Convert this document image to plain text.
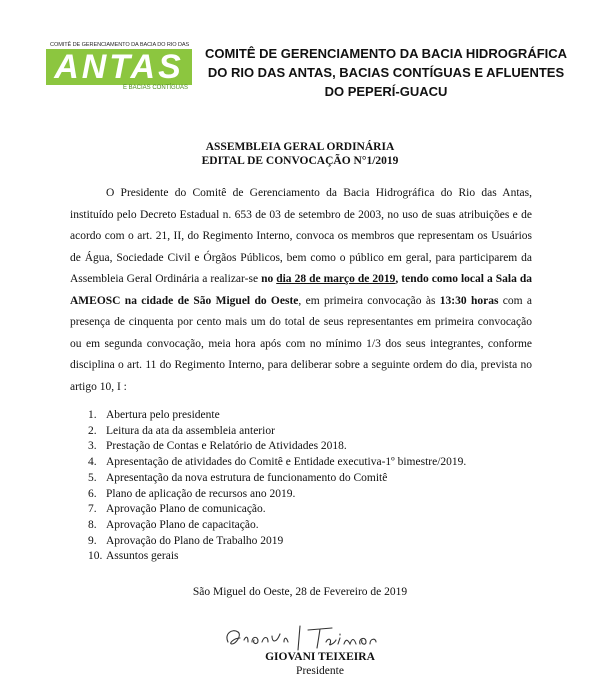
COMITÊ DE GERENCIAMENTO DA BACIA DO RIO DAS
ANTAS
E BACIAS CONTÍGUAS
COMITÊ DE GERENCIAMENTO DA BACIA HIDROGRÁFICA
DO RIO DAS ANTAS, BACIAS CONTÍGUAS E AFLUENTES
DO PEPERÍ-GUACU
ASSEMBLEIA GERAL ORDINÁRIA
EDITAL DE CONVOCAÇÃO N°1/2019
O Presidente do Comitê de Gerenciamento da Bacia Hidrográfica do Rio das Antas, instituído pelo Decreto Estadual n. 653 de 03 de setembro de 2003, no uso de suas atribuições e de acordo com o art. 21, II, do Regimento Interno, convoca os membros que representam os Usuários de Água, Sociedade Civil e Órgãos Públicos, bem como o público em geral, para participarem da Assembleia Geral Ordinária a realizar-se no dia 28 de março de 2019, tendo como local a Sala da AMEOSC na cidade de São Miguel do Oeste, em primeira convocação às 13:30 horas com a presença de cinquenta por cento mais um do total de seus representantes em primeira convocação ou em segunda convocação, meia hora após com no mínimo 1/3 dos seus integrantes, conforme disciplina o art. 11 do Regimento Interno, para deliberar sobre a seguinte ordem do dia, prevista no artigo 10, I :
1. Abertura pelo presidente
2. Leitura da ata da assembleia anterior
3. Prestação de Contas e Relatório de Atividades 2018.
4. Apresentação de atividades do Comitê e Entidade executiva-1º bimestre/2019.
5. Apresentação da nova estrutura de funcionamento do Comitê
6. Plano de aplicação de recursos ano 2019.
7. Aprovação Plano de comunicação.
8. Aprovação Plano de capacitação.
9. Aprovação do Plano de Trabalho 2019
10. Assuntos gerais
São Miguel do Oeste, 28 de Fevereiro de 2019
GIOVANI TEIXEIRA
Presidente
